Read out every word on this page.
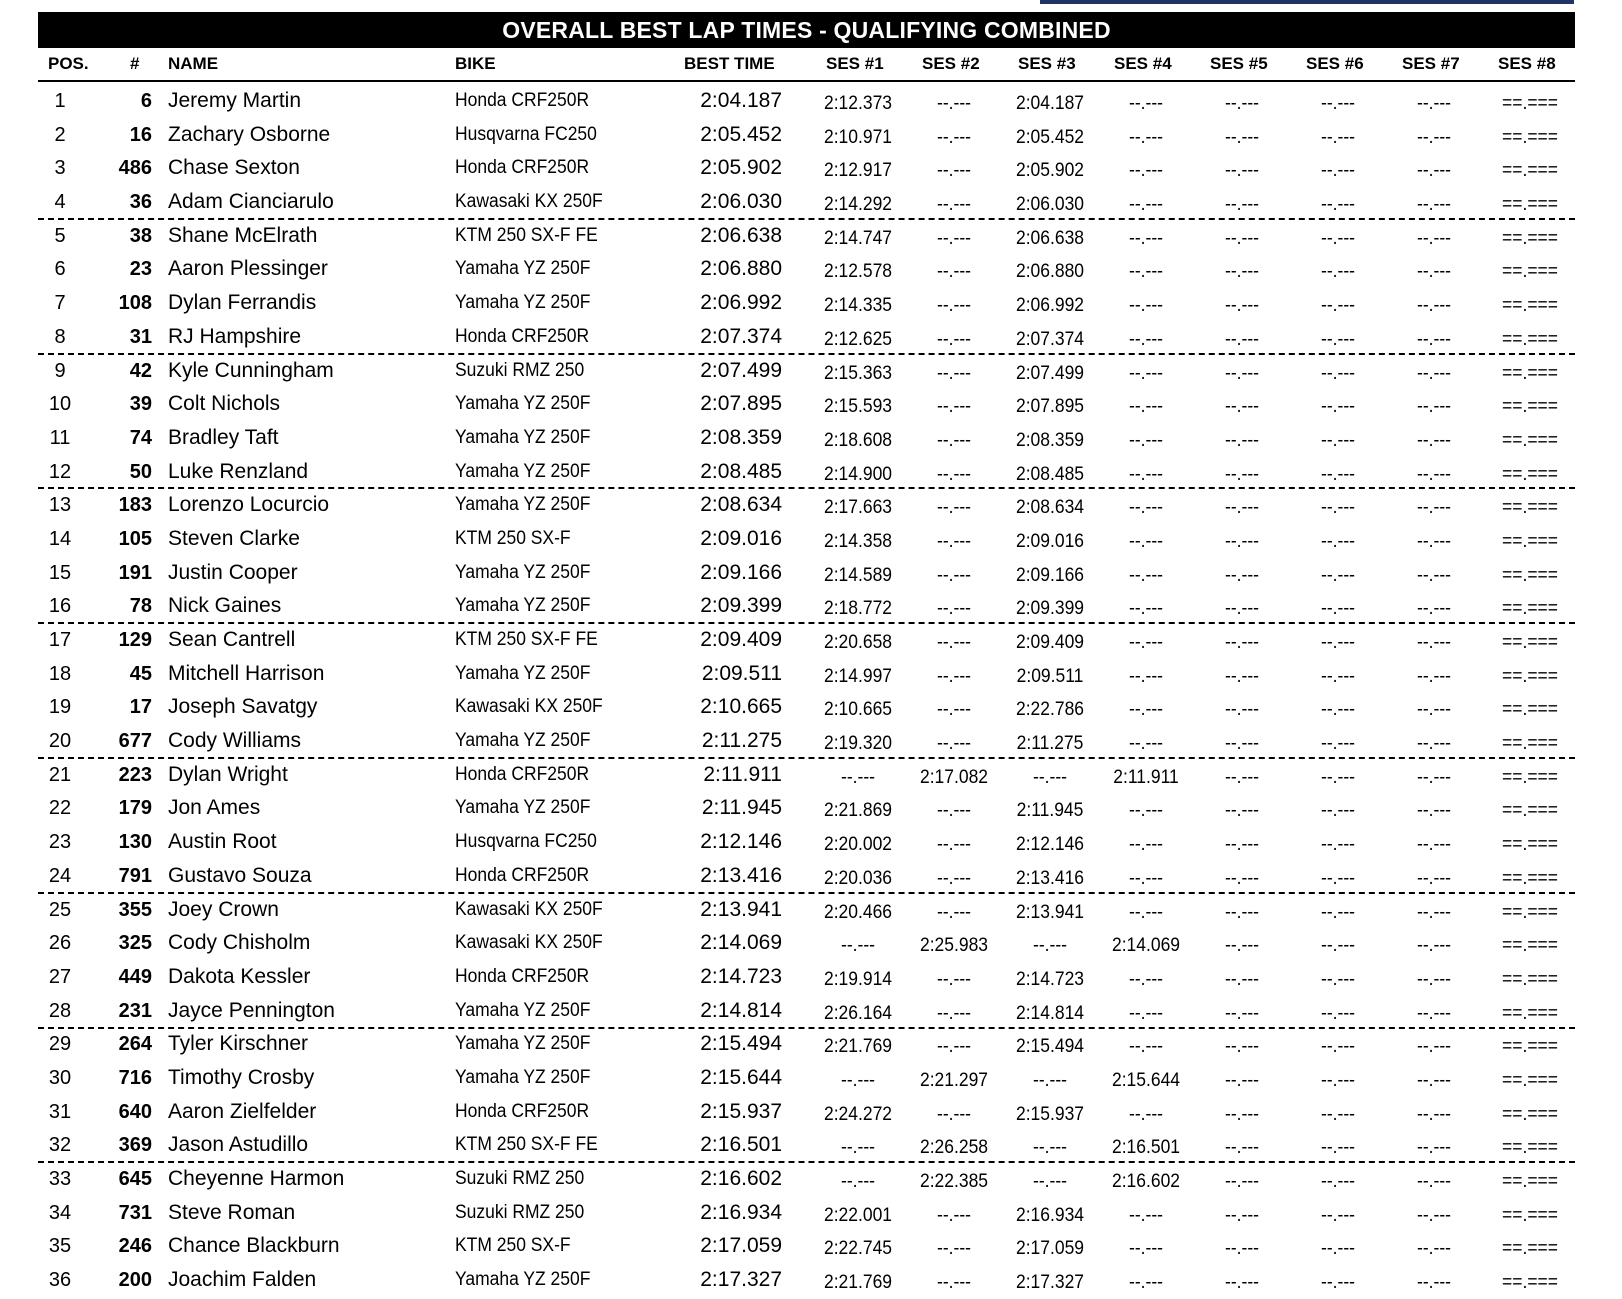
OVERALL BEST LAP TIMES - QUALIFYING COMBINED
POS. # NAME	BIKE	BEST TIME	SES #1 SES #2 SES #3 SES #4 SES #5 SES #6 SES #7 SES #8
1	6 Jeremy Martin	Honda CRF250R	2:04.187	2:12.373	--.---	2:04.187	--.---	--.---	--.---	--.---	==.===
2	16 Zachary Osborne	Husqvarna FC250	2:05.452	2:10.971	--.---	2:05.452	--.---	--.---	--.---	--.---	==.===
3	486 Chase Sexton	Honda CRF250R	2:05.902	2:12.917	--.---	2:05.902	--.---	--.---	--.---	--.---	==.===
4	36 Adam Cianciarulo	Kawasaki KX 250F	2:06.030	2:14.292	--.---	2:06.030	--.---	--.---	--.---	--.---	==.===
5	38 Shane McElrath	KTM 250 SX-F FE	2:06.638	2:14.747	--.---	2:06.638	--.---	--.---	--.---	--.---	==.===
6	23 Aaron Plessinger	Yamaha YZ 250F	2:06.880	2:12.578	--.---	2:06.880	--.---	--.---	--.---	--.---	==.===
7	108 Dylan Ferrandis	Yamaha YZ 250F	2:06.992	2:14.335	--.---	2:06.992	--.---	--.---	--.---	--.---	==.===
8	31 RJ Hampshire	Honda CRF250R	2:07.374	2:12.625	--.---	2:07.374	--.---	--.---	--.---	--.---	==.===
9	42 Kyle Cunningham	Suzuki RMZ 250	2:07.499	2:15.363	--.---	2:07.499	--.---	--.---	--.---	--.---	==.===
10	39 Colt Nichols	Yamaha YZ 250F	2:07.895	2:15.593	--.---	2:07.895	--.---	--.---	--.---	--.---	==.===
11	74 Bradley Taft	Yamaha YZ 250F	2:08.359	2:18.608	--.---	2:08.359	--.---	--.---	--.---	--.---	==.===
12	50 Luke Renzland	Yamaha YZ 250F	2:08.485	2:14.900	--.---	2:08.485	--.---	--.---	--.---	--.---	==.===
13	183 Lorenzo Locurcio	Yamaha YZ 250F	2:08.634	2:17.663	--.---	2:08.634	--.---	--.---	--.---	--.---	==.===
14	105 Steven Clarke	KTM 250 SX-F	2:09.016	2:14.358	--.---	2:09.016	--.---	--.---	--.---	--.---	==.===
15	191 Justin Cooper	Yamaha YZ 250F	2:09.166	2:14.589	--.---	2:09.166	--.---	--.---	--.---	--.---	==.===
16	78 Nick Gaines	Yamaha YZ 250F	2:09.399	2:18.772	--.---	2:09.399	--.---	--.---	--.---	--.---	==.===
17	129 Sean Cantrell	KTM 250 SX-F FE	2:09.409	2:20.658	--.---	2:09.409	--.---	--.---	--.---	--.---	==.===
18	45 Mitchell Harrison	Yamaha YZ 250F	2:09.511	2:14.997	--.---	2:09.511	--.---	--.---	--.---	--.---	==.===
19	17 Joseph Savatgy	Kawasaki KX 250F	2:10.665	2:10.665	--.---	2:22.786	--.---	--.---	--.---	--.---	==.===
20	677 Cody Williams	Yamaha YZ 250F	2:11.275	2:19.320	--.---	2:11.275	--.---	--.---	--.---	--.---	==.===
21	223 Dylan Wright	Honda CRF250R	2:11.911	--.---	2:17.082	--.---	2:11.911	--.---	--.---	--.---	==.===
22	179 Jon Ames	Yamaha YZ 250F	2:11.945	2:21.869	--.---	2:11.945	--.---	--.---	--.---	--.---	==.===
23	130 Austin Root	Husqvarna FC250	2:12.146	2:20.002	--.---	2:12.146	--.---	--.---	--.---	--.---	==.===
24	791 Gustavo Souza	Honda CRF250R	2:13.416	2:20.036	--.---	2:13.416	--.---	--.---	--.---	--.---	==.===
25	355 Joey Crown	Kawasaki KX 250F	2:13.941	2:20.466	--.---	2:13.941	--.---	--.---	--.---	--.---	==.===
26	325 Cody Chisholm	Kawasaki KX 250F	2:14.069	--.---	2:25.983	--.---	2:14.069	--.---	--.---	--.---	==.===
27	449 Dakota Kessler	Honda CRF250R	2:14.723	2:19.914	--.---	2:14.723	--.---	--.---	--.---	--.---	==.===
28	231 Jayce Pennington	Yamaha YZ 250F	2:14.814	2:26.164	--.---	2:14.814	--.---	--.---	--.---	--.---	==.===
29	264 Tyler Kirschner	Yamaha YZ 250F	2:15.494	2:21.769	--.---	2:15.494	--.---	--.---	--.---	--.---	==.===
30	716 Timothy Crosby	Yamaha YZ 250F	2:15.644	--.---	2:21.297	--.---	2:15.644	--.---	--.---	--.---	==.===
31	640 Aaron Zielfelder	Honda CRF250R	2:15.937	2:24.272	--.---	2:15.937	--.---	--.---	--.---	--.---	==.===
32	369 Jason Astudillo	KTM 250 SX-F FE	2:16.501	--.---	2:26.258	--.---	2:16.501	--.---	--.---	--.---	==.===
33	645 Cheyenne Harmon	Suzuki RMZ 250	2:16.602	--.---	2:22.385	--.---	2:16.602	--.---	--.---	--.---	==.===
34	731 Steve Roman	Suzuki RMZ 250	2:16.934	2:22.001	--.---	2:16.934	--.---	--.---	--.---	--.---	==.===
35	246 Chance Blackburn	KTM 250 SX-F	2:17.059	2:22.745	--.---	2:17.059	--.---	--.---	--.---	--.---	==.===
36	200 Joachim Falden	Yamaha YZ 250F	2:17.327	2:21.769	--.---	2:17.327	--.---	--.---	--.---	--.---	==.===
